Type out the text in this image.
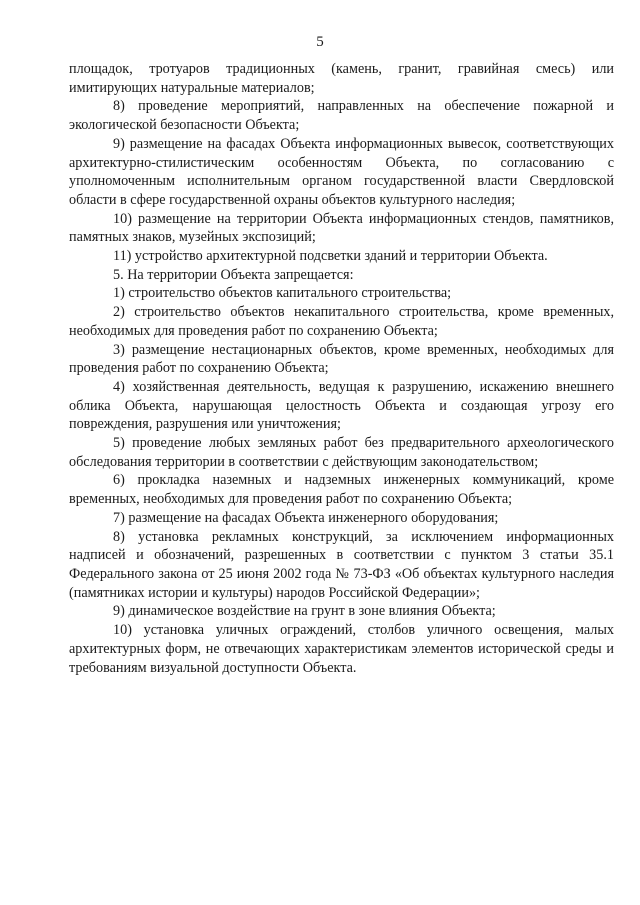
5

площадок, тротуаров традиционных (камень, гранит, гравийная смесь) или имитирующих натуральные материалов;

8) проведение мероприятий, направленных на обеспечение пожарной и экологической безопасности Объекта;

9) размещение на фасадах Объекта информационных вывесок, соответствующих архитектурно-стилистическим особенностям Объекта, по согласованию с уполномоченным исполнительным органом государственной власти Свердловской области в сфере государственной охраны объектов культурного наследия;

10) размещение на территории Объекта информационных стендов, памятников, памятных знаков, музейных экспозиций;

11) устройство архитектурной подсветки зданий и территории Объекта.

5. На территории Объекта запрещается:

1) строительство объектов капитального строительства;

2) строительство объектов некапитального строительства, кроме временных, необходимых для проведения работ по сохранению Объекта;

3) размещение нестационарных объектов, кроме временных, необходимых для проведения работ по сохранению Объекта;

4) хозяйственная деятельность, ведущая к разрушению, искажению внешнего облика Объекта, нарушающая целостность Объекта и создающая угрозу его повреждения, разрушения или уничтожения;

5) проведение любых земляных работ без предварительного археологического обследования территории в соответствии с действующим законодательством;

6) прокладка наземных и надземных инженерных коммуникаций, кроме временных, необходимых для проведения работ по сохранению Объекта;

7) размещение на фасадах Объекта инженерного оборудования;

8) установка рекламных конструкций, за исключением информационных надписей и обозначений, разрешенных в соответствии с пунктом 3 статьи 35.1 Федерального закона от 25 июня 2002 года № 73-ФЗ «Об объектах культурного наследия (памятниках истории и культуры) народов Российской Федерации»;

9) динамическое воздействие на грунт в зоне влияния Объекта;

10) установка уличных ограждений, столбов уличного освещения, малых архитектурных форм, не отвечающих характеристикам элементов исторической среды и требованиям визуальной доступности Объекта.
